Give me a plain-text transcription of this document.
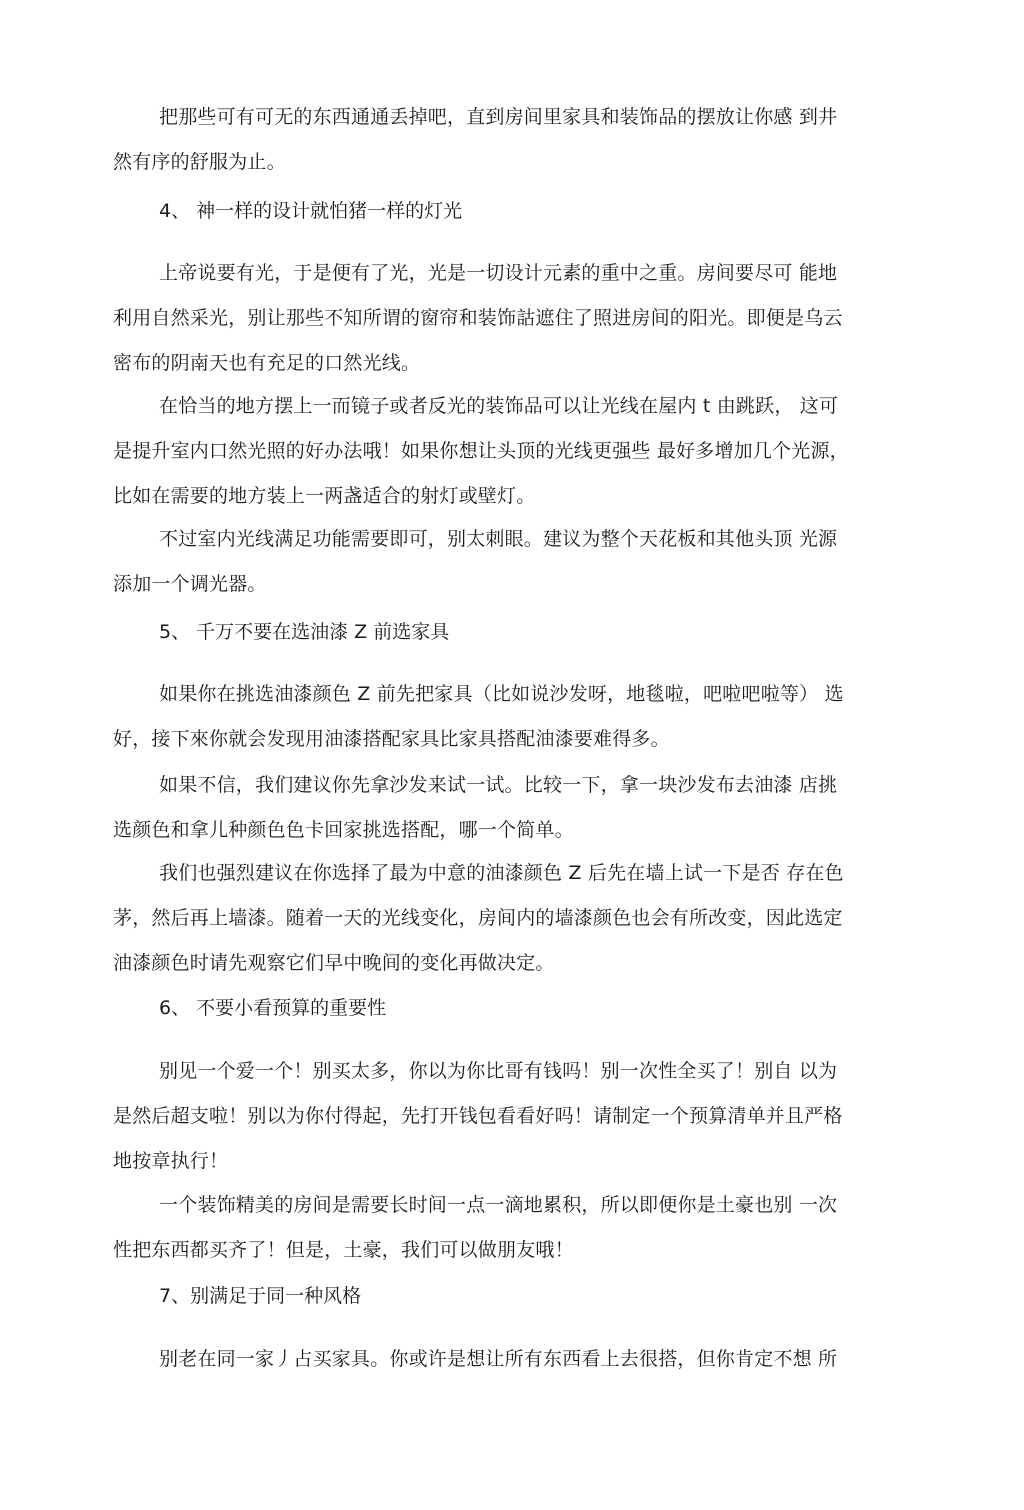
把那些可有可无的东西通通丢掉吧，直到房间里家具和装饰品的摆放让你感 到井
然有序的舒服为止。

4、 神一样的设计就怕猪一样的灯光

上帝说要有光，于是便有了光，光是一切设计元素的重中之重。房间要尽可 能地
利用自然采光，别让那些不知所谓的窗帘和装饰詁遮住了照进房间的阳光。即便是乌云
密布的阴南天也有充足的口然光线。

在恰当的地方摆上一而镜子或者反光的装饰品可以让光线在屋内 t 由跳跃， 这可
是提升室内口然光照的好办法哦！如果你想让头顶的光线更强些 最好多增加几个光源，
比如在需要的地方装上一两盏适合的射灯或壁灯。

不过室内光线满足功能需要即可，别太刺眼。建议为整个天花板和其他头顶 光源
添加一个调光器。

5、 千万不要在选油漆 Z 前选家具

如果你在挑选油漆颜色 Z 前先把家具（比如说沙发呀，地毯啦，吧啦吧啦等） 选
好，接下來你就会发现用油漆搭配家具比家具搭配油漆要难得多。

如果不信，我们建议你先拿沙发来试一试。比较一下，拿一块沙发布去油漆 店挑
选颜色和拿儿种颜色色卡回家挑选搭配，哪一个简单。

我们也强烈建议在你选择了最为中意的油漆颜色 Z 后先在墙上试一下是否 存在色
茅，然后再上墙漆。随着一天的光线变化，房间内的墙漆颜色也会有所改变，因此选定
油漆颜色时请先观察它们早中晚间的变化再做决定。

6、 不要小看预算的重要性

别见一个爱一个！别买太多，你以为你比哥有钱吗！别一次性全买了！别自 以为
是然后超支啦！别以为你付得起，先打开钱包看看好吗！请制定一个预算清单并且严格
地按章执行！

一个装饰精美的房间是需要长时间一点一滴地累积，所以即便你是土豪也别 一次
性把东西都买齐了！但是，土豪，我们可以做朋友哦！

7、别满足于同一种风格

别老在同一家丿占买家具。你或许是想让所有东西看上去很搭，但你肯定不想 所
